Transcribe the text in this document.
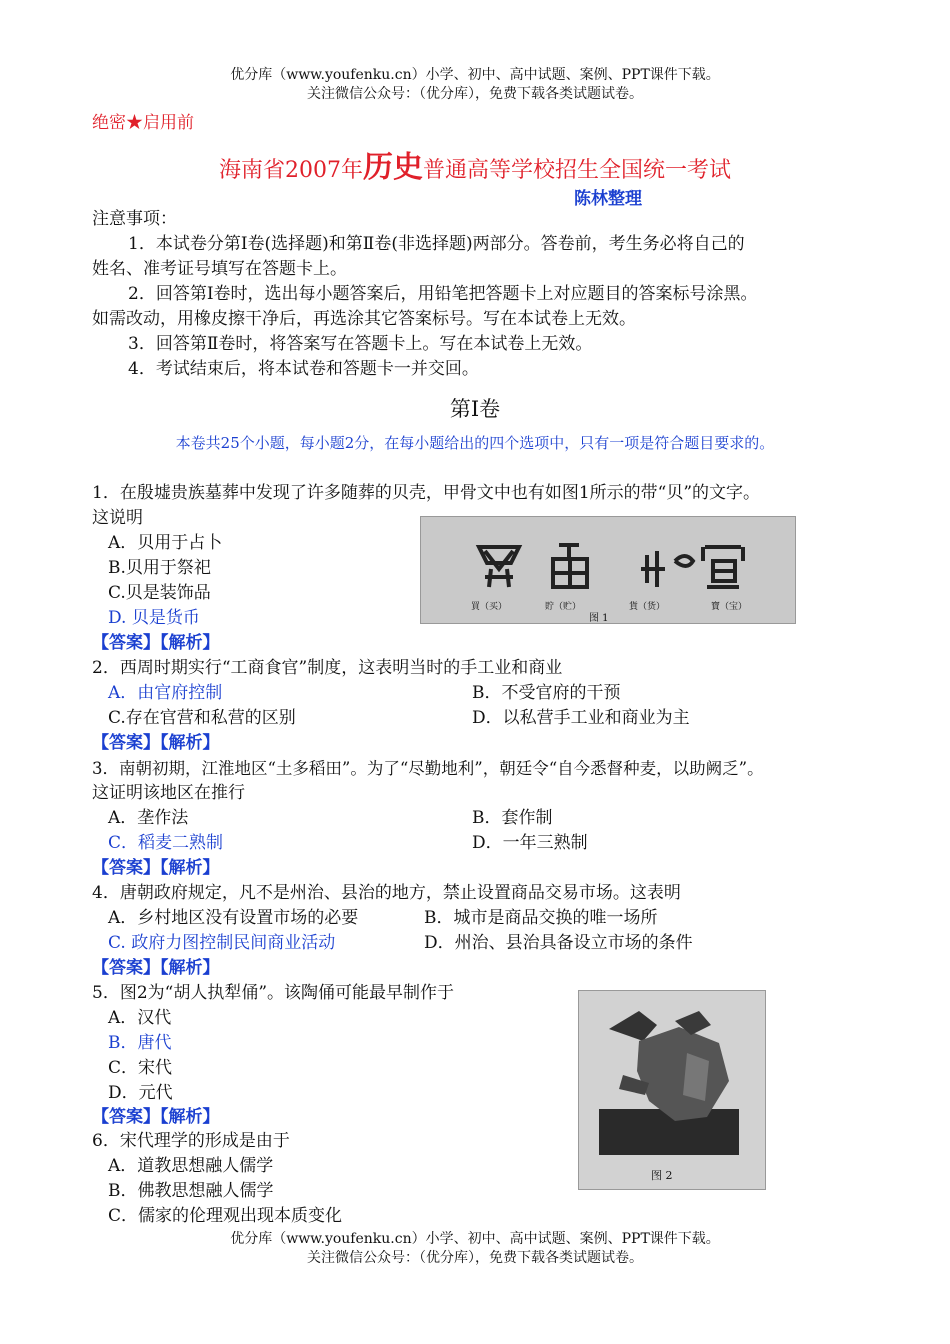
优分库（www.youfenku.cn）小学、初中、高中试题、案例、PPT课件下载。
关注微信公众号：（优分库），免费下载各类试题试卷。
绝密★启用前
海南省2007年历史普通高等学校招生全国统一考试
陈林整理
注意事项：
1．本试卷分第Ⅰ卷(选择题)和第Ⅱ卷(非选择题)两部分。答卷前，考生务必将自己的
姓名、准考证号填写在答题卡上。
2．回答第Ⅰ卷时，选出每小题答案后，用铅笔把答题卡上对应题目的答案标号涂黑。
如需改动，用橡皮擦干净后，再选涂其它答案标号。写在本试卷上无效。
3．回答第Ⅱ卷时，将答案写在答题卡上。写在本试卷上无效。
4．考试结束后，将本试卷和答题卡一并交回。
第Ⅰ卷
本卷共25个小题，每小题2分，在每小题给出的四个选项中，只有一项是符合题目要求的。
1．在殷墟贵族墓葬中发现了许多随葬的贝壳，甲骨文中也有如图1所示的带“贝”的文字。
这说明
A．贝用于占卜
B.贝用于祭祀
C.贝是装饰品
D. 贝是货币
【答案】【解析】
買（买）	貯（贮）	貨（货）	寶（宝）
图 1
2．西周时期实行“工商食官”制度，这表明当时的手工业和商业
A．由官府控制	B．不受官府的干预
C.存在官营和私营的区别	D．以私营手工业和商业为主
【答案】【解析】
3．南朝初期，江淮地区“土多稻田”。为了“尽勤地利”，朝廷令“自今悉督种麦，以助阙乏”。
这证明该地区在推行
A．垄作法	B．套作制
C．稻麦二熟制	D．一年三熟制
【答案】【解析】
4．唐朝政府规定，凡不是州治、县治的地方，禁止设置商品交易市场。这表明
A．乡村地区没有设置市场的必要	B．城市是商品交换的唯一场所
C. 政府力图控制民间商业活动	D．州治、县治具备设立市场的条件
【答案】【解析】
5．图2为“胡人执犁俑”。该陶俑可能最早制作于
A．汉代
B．唐代
C．宋代
D．元代
【答案】【解析】
图 2
6．宋代理学的形成是由于
A．道教思想融人儒学
B．佛教思想融人儒学
C．儒家的伦理观出现本质变化
优分库（www.youfenku.cn）小学、初中、高中试题、案例、PPT课件下载。
关注微信公众号：（优分库），免费下载各类试题试卷。
